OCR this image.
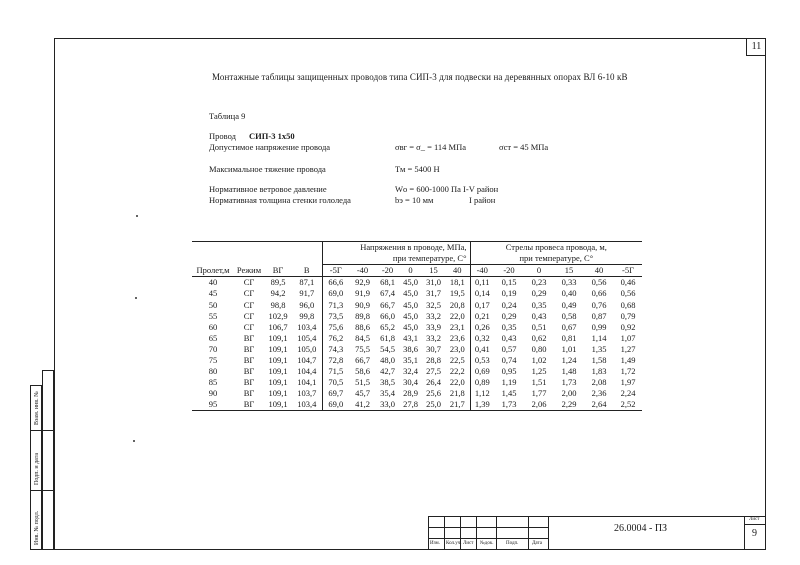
11
Монтажные таблицы защищенных проводов типа СИП-3 для подвески на деревянных опорах ВЛ 6-10 кВ
Таблица 9
Провод СИП-3 1х50
Допустимое напряжение провода	σвг = σ_ = 114 МПа	σст = 45 МПа
Максимальное тяжение провода	Тм = 5400 Н
Нормативное ветровое давление	Wо = 600-1000 Па I-V район
Нормативная толщина стенки гололеда	bэ = 10 мм	I район
				Напряжения в проводе, МПа,						Стрелы провеса провода, м,					
				при температуре, С°						при температуре, С°					
Пролет,м	Режим	ВГ	В	-5Г	-40	-20	0	15	40	-40	-20	0	15	40	-5Г
40	СГ	89,5	87,1	66,6	92,9	68,1	45,0	31,0	18,1	0,11	0,15	0,23	0,33	0,56	0,46
45	СГ	94,2	91,7	69,0	91,9	67,4	45,0	31,7	19,5	0,14	0,19	0,29	0,40	0,66	0,56
50	СГ	98,8	96,0	71,3	90,9	66,7	45,0	32,5	20,8	0,17	0,24	0,35	0,49	0,76	0,68
55	СГ	102,9	99,8	73,5	89,8	66,0	45,0	33,2	22,0	0,21	0,29	0,43	0,58	0,87	0,79
60	СГ	106,7	103,4	75,6	88,6	65,2	45,0	33,9	23,1	0,26	0,35	0,51	0,67	0,99	0,92
65	ВГ	109,1	105,4	76,2	84,5	61,8	43,1	33,2	23,6	0,32	0,43	0,62	0,81	1,14	1,07
70	ВГ	109,1	105,0	74,3	75,5	54,5	38,6	30,7	23,0	0,41	0,57	0,80	1,01	1,35	1,27
75	ВГ	109,1	104,7	72,8	66,7	48,0	35,1	28,8	22,5	0,53	0,74	1,02	1,24	1,58	1,49
80	ВГ	109,1	104,4	71,5	58,6	42,7	32,4	27,5	22,2	0,69	0,95	1,25	1,48	1,83	1,72
85	ВГ	109,1	104,1	70,5	51,5	38,5	30,4	26,4	22,0	0,89	1,19	1,51	1,73	2,08	1,97
90	ВГ	109,1	103,7	69,7	45,7	35,4	28,9	25,6	21,8	1,12	1,45	1,77	2,00	2,36	2,24
95	ВГ	109,1	103,4	69,0	41,2	33,0	27,8	25,0	21,7	1,39	1,73	2,06	2,29	2,64	2,52
Взам. инв. №
Подп. и дата
Инв. № подл.	Изм. Кол.уч. Лист №док.	Подп.	Дата
26.0004 - ПЗ
Лист
9
